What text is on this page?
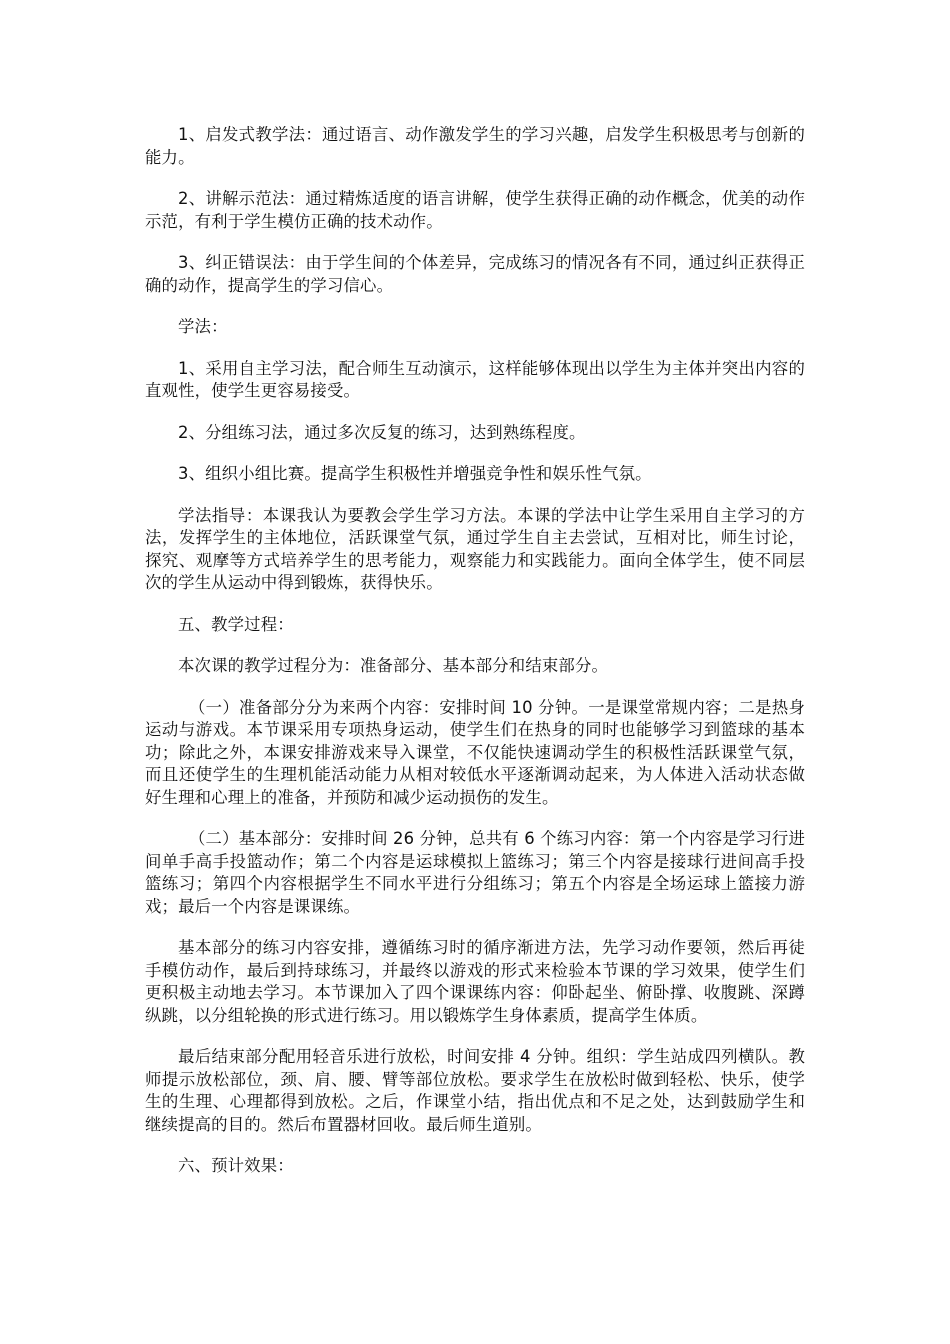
1、启发式教学法：通过语言、动作激发学生的学习兴趣，启发学生积极思考与创新的能力。

2、讲解示范法：通过精炼适度的语言讲解，使学生获得正确的动作概念，优美的动作示范，有利于学生模仿正确的技术动作。

3、纠正错误法：由于学生间的个体差异，完成练习的情况各有不同，通过纠正获得正确的动作，提高学生的学习信心。

学法：

1、采用自主学习法，配合师生互动演示，这样能够体现出以学生为主体并突出内容的直观性，使学生更容易接受。

2、分组练习法，通过多次反复的练习，达到熟练程度。

3、组织小组比赛。提高学生积极性并增强竞争性和娱乐性气氛。

学法指导：本课我认为要教会学生学习方法。本课的学法中让学生采用自主学习的方法，发挥学生的主体地位，活跃课堂气氛，通过学生自主去尝试，互相对比，师生讨论，探究、观摩等方式培养学生的思考能力，观察能力和实践能力。面向全体学生，使不同层次的学生从运动中得到锻炼，获得快乐。

五、教学过程：

本次课的教学过程分为：准备部分、基本部分和结束部分。

（一）准备部分分为来两个内容：安排时间 10 分钟。一是课堂常规内容；二是热身运动与游戏。本节课采用专项热身运动，使学生们在热身的同时也能够学习到篮球的基本功；除此之外，本课安排游戏来导入课堂，不仅能快速调动学生的积极性活跃课堂气氛，而且还使学生的生理机能活动能力从相对较低水平逐渐调动起来，为人体进入活动状态做好生理和心理上的准备，并预防和减少运动损伤的发生。

（二）基本部分：安排时间 26 分钟，总共有 6 个练习内容：第一个内容是学习行进间单手高手投篮动作；第二个内容是运球模拟上篮练习；第三个内容是接球行进间高手投篮练习；第四个内容根据学生不同水平进行分组练习；第五个内容是全场运球上篮接力游戏；最后一个内容是课课练。

基本部分的练习内容安排，遵循练习时的循序渐进方法，先学习动作要领，然后再徒手模仿动作，最后到持球练习，并最终以游戏的形式来检验本节课的学习效果，使学生们更积极主动地去学习。本节课加入了四个课课练内容：仰卧起坐、俯卧撑、收腹跳、深蹲纵跳，以分组轮换的形式进行练习。用以锻炼学生身体素质，提高学生体质。

最后结束部分配用轻音乐进行放松，时间安排 4 分钟。组织：学生站成四列横队。教师提示放松部位，颈、肩、腰、臂等部位放松。要求学生在放松时做到轻松、快乐，使学生的生理、心理都得到放松。之后，作课堂小结，指出优点和不足之处，达到鼓励学生和继续提高的目的。然后布置器材回收。最后师生道别。

六、预计效果：
